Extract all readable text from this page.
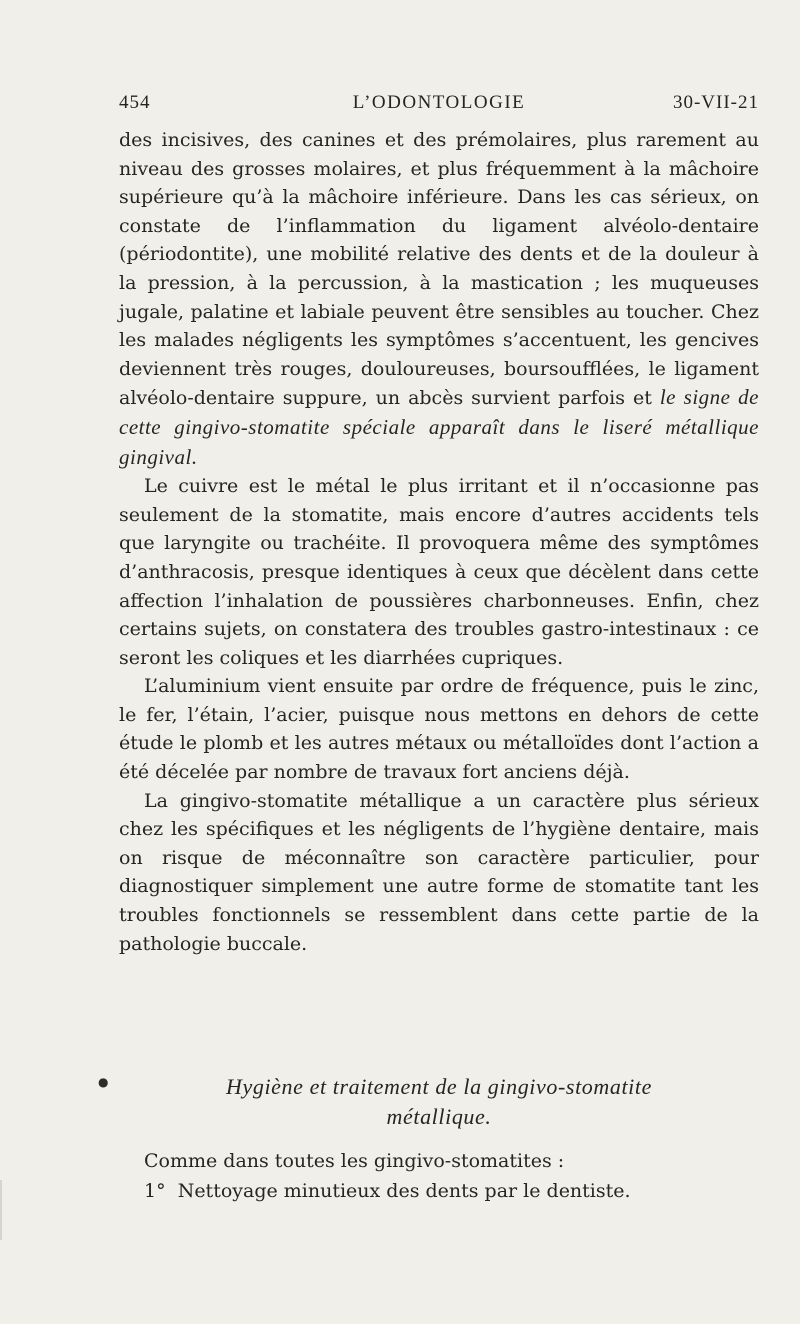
454	L’ODONTOLOGIE	30-VII-21

des incisives, des canines et des prémolaires, plus rarement au niveau des grosses molaires, et plus fréquemment à la mâchoire supérieure qu’à la mâchoire inférieure. Dans les cas sérieux, on constate de l’inflammation du ligament alvéolo-dentaire (périodontite), une mobilité relative des dents et de la douleur à la pression, à la percussion, à la mastication ; les muqueuses jugale, palatine et labiale peuvent être sensibles au toucher. Chez les malades négligents les symptômes s’accentuent, les gencives deviennent très rouges, douloureuses, boursoufflées, le ligament alvéolo-dentaire suppure, un abcès survient parfois et le signe de cette gingivo-stomatite spéciale apparaît dans le liseré métallique gingival.

Le cuivre est le métal le plus irritant et il n’occasionne pas seulement de la stomatite, mais encore d’autres accidents tels que laryngite ou trachéite. Il provoquera même des symptômes d’anthracosis, presque identiques à ceux que décèlent dans cette affection l’inhalation de poussières charbonneuses. Enfin, chez certains sujets, on constatera des troubles gastro-intestinaux : ce seront les coliques et les diarrhées cupriques.

L’aluminium vient ensuite par ordre de fréquence, puis le zinc, le fer, l’étain, l’acier, puisque nous mettons en dehors de cette étude le plomb et les autres métaux ou métalloïdes dont l’action a été décelée par nombre de travaux fort anciens déjà.

La gingivo-stomatite métallique a un caractère plus sérieux chez les spécifiques et les négligents de l’hygiène dentaire, mais on risque de méconnaître son caractère particulier, pour diagnostiquer simplement une autre forme de stomatite tant les troubles fonctionnels se ressemblent dans cette partie de la pathologie buccale.

●	Hygiène et traitement de la gingivo-stomatite
métallique.

Comme dans toutes les gingivo-stomatites :

1° Nettoyage minutieux des dents par le dentiste.
